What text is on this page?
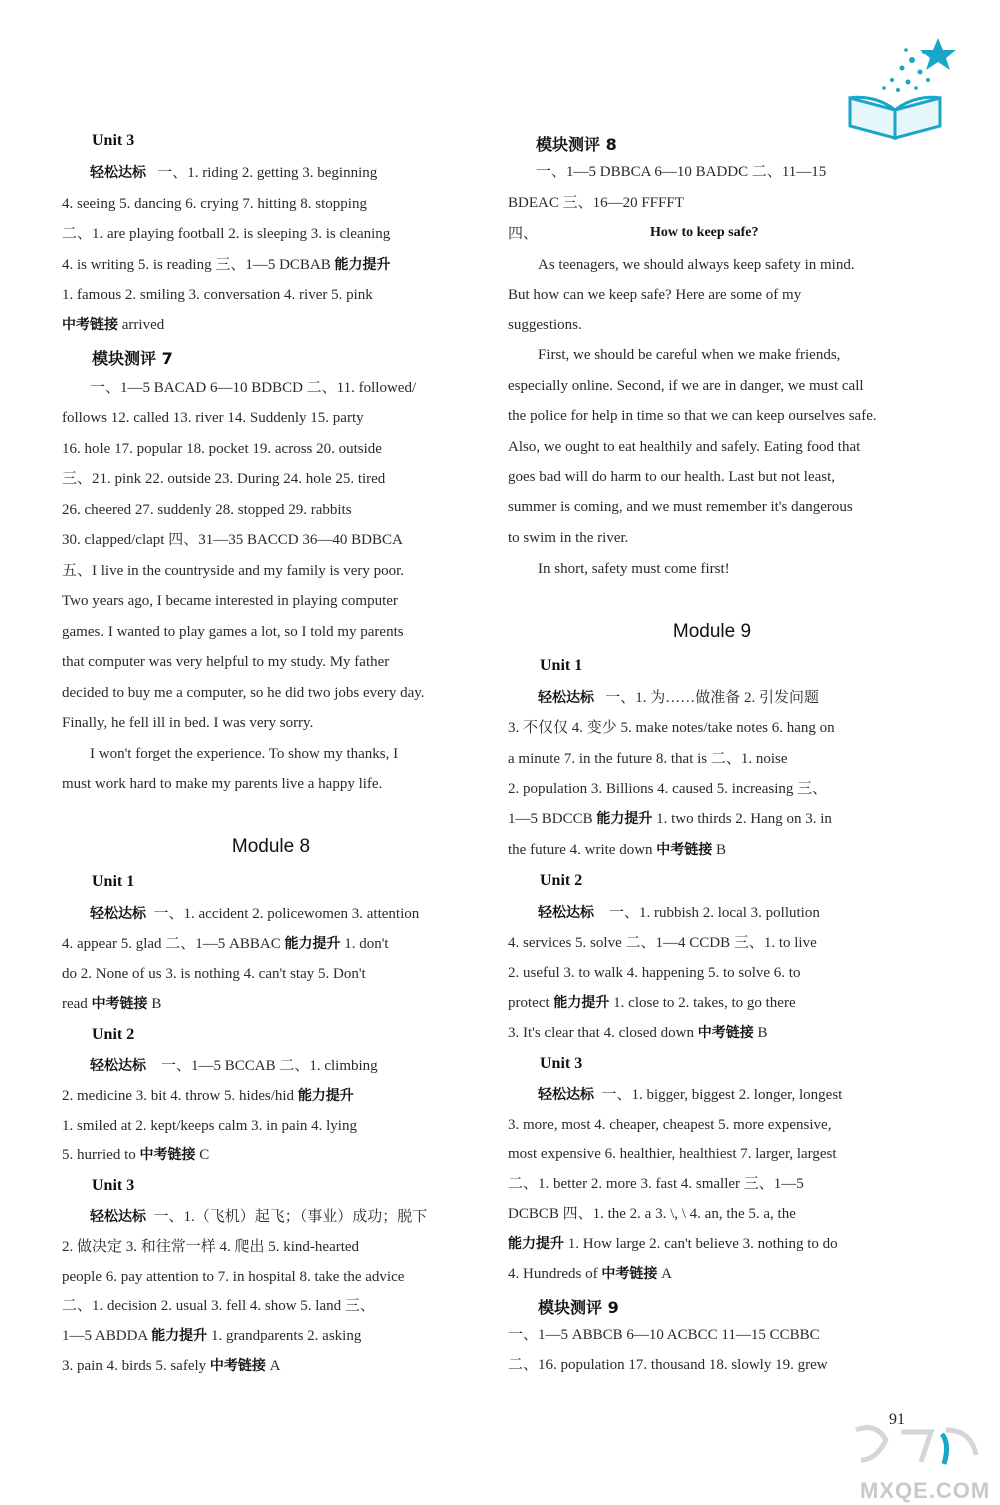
Unit 3
轻松达标 一、1. riding 2. getting 3. beginning
4. seeing 5. dancing 6. crying 7. hitting 8. stopping
二、1. are playing football 2. is sleeping 3. is cleaning
4. is writing 5. is reading 三、1—5 DCBAB 能力提升
1. famous 2. smiling 3. conversation 4. river 5. pink
中考链接 arrived
模块测评 7
一、1—5 BACAD 6—10 BDBCD 二、11. followed/
follows 12. called 13. river 14. Suddenly 15. party
16. hole 17. popular 18. pocket 19. across 20. outside
三、21. pink 22. outside 23. During 24. hole 25. tired
26. cheered 27. suddenly 28. stopped 29. rabbits
30. clapped/clapt 四、31—35 BACCD 36—40 BDBCA
五、I live in the countryside and my family is very poor.
Two years ago, I became interested in playing computer
games. I wanted to play games a lot, so I told my parents
that computer was very helpful to my study. My father
decided to buy me a computer, so he did two jobs every day.
Finally, he fell ill in bed. I was very sorry.
I won't forget the experience. To show my thanks, I
must work hard to make my parents live a happy life.
Module 8
Unit 1
轻松达标 一、1. accident 2. policewomen 3. attention
4. appear 5. glad 二、1—5 ABBAC 能力提升 1. don't
do 2. None of us 3. is nothing 4. can't stay 5. Don't
read 中考链接 B
Unit 2
轻松达标 一、1—5 BCCAB 二、1. climbing
2. medicine 3. bit 4. throw 5. hides/hid 能力提升
1. smiled at 2. kept/keeps calm 3. in pain 4. lying
5. hurried to 中考链接 C
Unit 3
轻松达标 一、1.（飞机）起飞；（事业）成功；脱下
2. 做决定 3. 和往常一样 4. 爬出 5. kind-hearted
people 6. pay attention to 7. in hospital 8. take the advice
二、1. decision 2. usual 3. fell 4. show 5. land 三、
1—5 ABDDA 能力提升 1. grandparents 2. asking
3. pain 4. birds 5. safely 中考链接 A
模块测评 8
一、1—5 DBBCA 6—10 BADDC 二、11—15
BDEAC 三、16—20 FFFFT
四、	How to keep safe?
As teenagers, we should always keep safety in mind.
But how can we keep safe? Here are some of my
suggestions.
First, we should be careful when we make friends,
especially online. Second, if we are in danger, we must call
the police for help in time so that we can keep ourselves safe.
Also, we ought to eat healthily and safely. Eating food that
goes bad will do harm to our health. Last but not least,
summer is coming, and we must remember it's dangerous
to swim in the river.
In short, safety must come first!
Module 9
Unit 1
轻松达标   一、1. 为……做准备 2. 引发问题
3. 不仅仅 4. 变少 5. make notes/take notes 6. hang on
a minute 7. in the future 8. that is 二、1. noise
2. population 3. Billions 4. caused 5. increasing 三、
1—5 BDCCB 能力提升 1. two thirds 2. Hang on 3. in
the future 4. write down 中考链接 B
Unit 2
轻松达标    一、1. rubbish 2. local 3. pollution
4. services 5. solve 二、1—4 CCDB 三、1. to live
2. useful 3. to walk 4. happening 5. to solve 6. to
protect 能力提升 1. close to 2. takes, to go there
3. It's clear that 4. closed down 中考链接 B
Unit 3
轻松达标  一、1. bigger, biggest 2. longer, longest
3. more, most 4. cheaper, cheapest 5. more expensive,
most expensive 6. healthier, healthiest 7. larger, largest
二、1. better 2. more 3. fast 4. smaller 三、1—5
DCBCB 四、1. the 2. a 3. \, \ 4. an, the 5. a, the
能力提升 1. How large 2. can't believe 3. nothing to do
4. Hundreds of 中考链接 A
模块测评 9
一、1—5 ABBCB 6—10 ACBCC 11—15 CCBBC
二、16. population 17. thousand 18. slowly 19. grew
91
MXQE.COM
